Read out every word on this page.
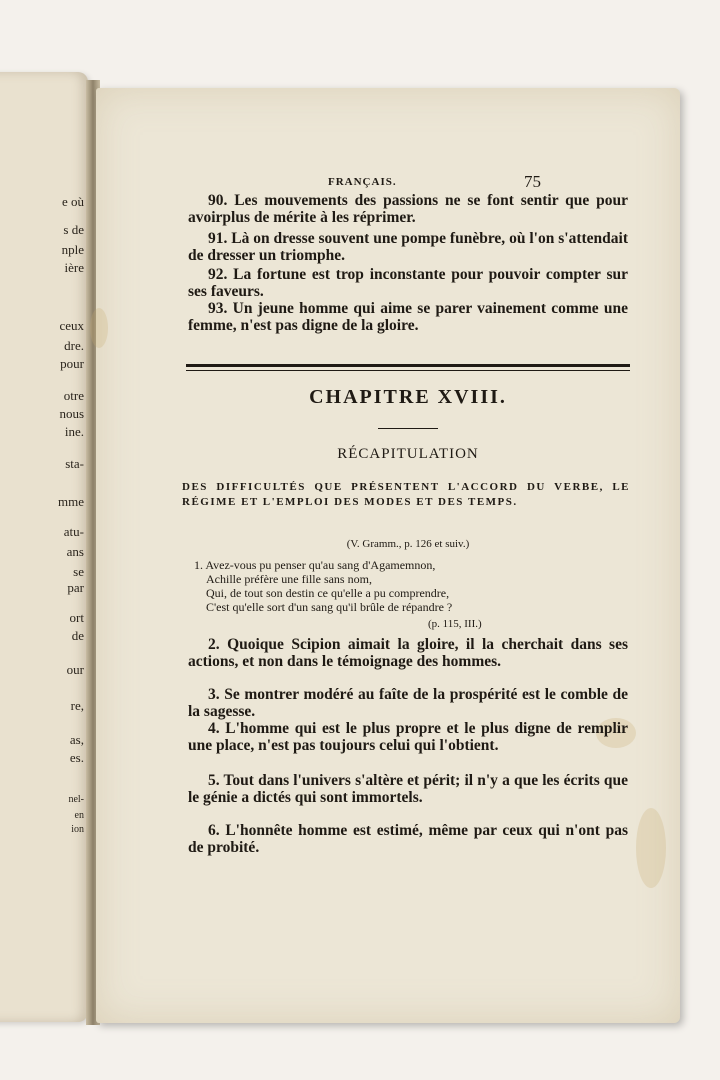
e où
s de
nple
ière
ceux
dre.
pour
otre
nous
ine.
sta-
mme
atu-
ans
se
par
ort
de
our
re,
as,
es.
nel-
en
ion
FRANÇAIS.	75
90. Les mouvements des passions ne se font sentir que pour avoirplus de mérite à les réprimer.
91. Là on dresse souvent une pompe funèbre, où l'on s'attendait de dresser un triomphe.
92. La fortune est trop inconstante pour pouvoir compter sur ses faveurs.
93. Un jeune homme qui aime se parer vainement comme une femme, n'est pas digne de la gloire.
CHAPITRE XVIII.
RÉCAPITULATION
DES DIFFICULTÉS QUE PRÉSENTENT L'ACCORD DU VERBE, LE RÉGIME ET L'EMPLOI DES MODES ET DES TEMPS.
(V. Gramm., p. 126 et suiv.)
1. Avez-vous pu penser qu'au sang d'Agamemnon,
Achille préfère une fille sans nom,
Qui, de tout son destin ce qu'elle a pu comprendre,
C'est qu'elle sort d'un sang qu'il brûle de répandre ?
(p. 115, III.)
2. Quoique Scipion aimait la gloire, il la cherchait dans ses actions, et non dans le témoignage des hommes.
3. Se montrer modéré au faîte de la prospérité est le comble de la sagesse.
4. L'homme qui est le plus propre et le plus digne de remplir une place, n'est pas toujours celui qui l'obtient.
5. Tout dans l'univers s'altère et périt; il n'y a que les écrits que le génie a dictés qui sont immortels.
6. L'honnête homme est estimé, même par ceux qui n'ont pas de probité.
